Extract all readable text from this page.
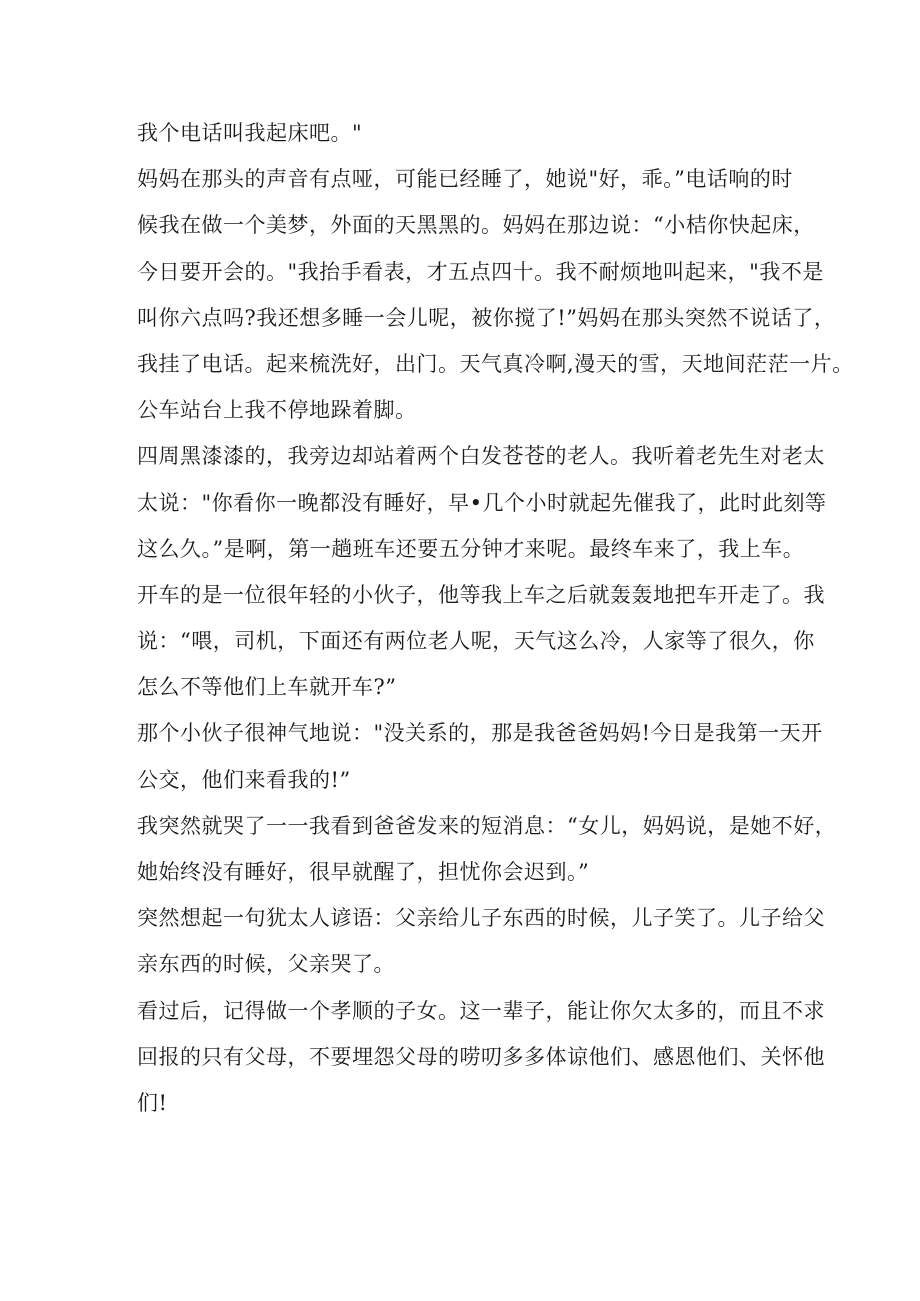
我个电话叫我起床吧。"
妈妈在那头的声音有点哑，可能已经睡了，她说"好，乖。”电话响的时
候我在做一个美梦，外面的天黑黑的。妈妈在那边说：“小桔你快起床，
今日要开会的。"我抬手看表，才五点四十。我不耐烦地叫起来，"我不是
叫你六点吗?我还想多睡一会儿呢，被你搅了!”妈妈在那头突然不说话了，
我挂了电话。起来梳洗好，出门。天气真冷啊,漫天的雪，天地间茫茫一片。
公车站台上我不停地跺着脚。
四周黑漆漆的，我旁边却站着两个白发苍苍的老人。我听着老先生对老太
太说："你看你一晚都没有睡好，早•几个小时就起先催我了，此时此刻等
这么久。”是啊，第一趟班车还要五分钟才来呢。最终车来了，我上车。
开车的是一位很年轻的小伙子，他等我上车之后就轰轰地把车开走了。我
说：“喂，司机，下面还有两位老人呢，天气这么冷，人家等了很久，你
怎么不等他们上车就开车?”
那个小伙子很神气地说："没关系的，那是我爸爸妈妈!今日是我第一天开
公交，他们来看我的!”
我突然就哭了一一我看到爸爸发来的短消息：“女儿，妈妈说，是她不好，
她始终没有睡好，很早就醒了，担忧你会迟到。”
突然想起一句犹太人谚语：父亲给儿子东西的时候，儿子笑了。儿子给父
亲东西的时候，父亲哭了。
看过后，记得做一个孝顺的子女。这一辈子，能让你欠太多的，而且不求
回报的只有父母，不要埋怨父母的唠叨多多体谅他们、感恩他们、关怀他
们!
